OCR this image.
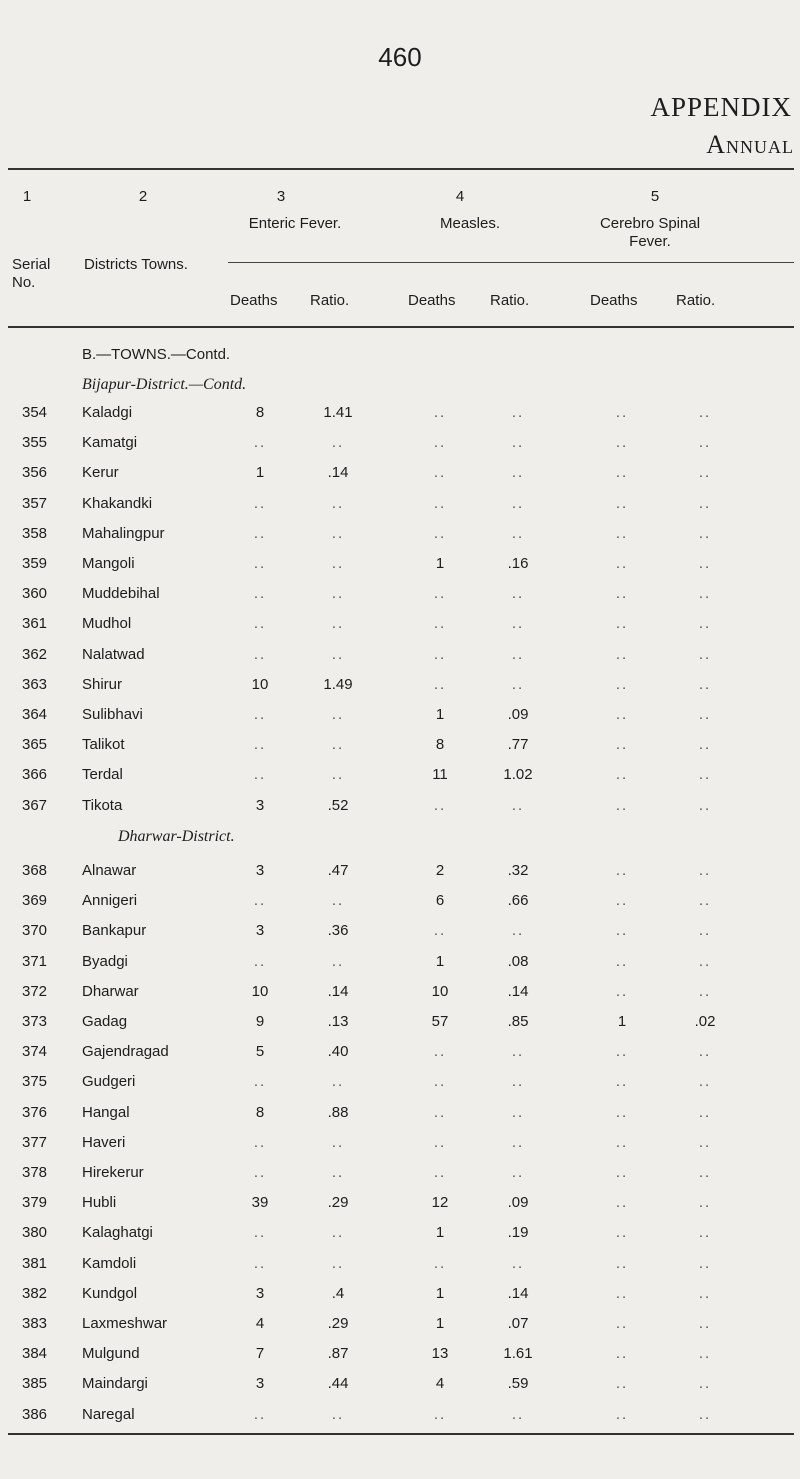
460
APPENDIX
Annual
1	2	3	4	5
Enteric Fever.	Measles.	Cerebro Spinal Fever.
Serial No.
Districts Towns.
Deaths Ratio.	Deaths Ratio.	Deaths	Ratio.
B.—TOWNS.—Contd.
Bijapur-District.—Contd.
354	Kaladgi	8	1.41	..	..	..	..
355	Kamatgi	..	..	..	..	..	..
356	Kerur	1	.14	..	..	..	..
357	Khakandki	..	..	..	..	..	..
358	Mahalingpur	..	..	..	..	..	..
359	Mangoli	..	..	1	.16	..	..
360	Muddebihal	..	..	..	..	..	..
361	Mudhol	..	..	..	..	..	..
362	Nalatwad	..	..	..	..	..	..
363	Shirur	10	1.49	..	..	..	..
364	Sulibhavi	..	..	1	.09	..	..
365	Talikot	..	..	8	.77	..	..
366	Terdal	..	..	11	1.02	..	..
367	Tikota	3	.52	..	..	..	..
368	Alnawar	3	.47	2	.32	..	..
369	Annigeri	..	..	6	.66	..	..
370	Bankapur	3	.36	..	..	..	..
371	Byadgi	..	..	1	.08	..	..
372	Dharwar	10	.14	10	.14	..	..
373	Gadag	9	.13	57	.85	1	.02
374	Gajendragad	5	.40	..	..	..	..
375	Gudgeri	..	..	..	..	..	..
376	Hangal	8	.88	..	..	..	..
377	Haveri	..	..	..	..	..	..
378	Hirekerur	..	..	..	..	..	..
379	Hubli	39	.29	12	.09	..	..
380	Kalaghatgi	..	..	1	.19	..	..
381	Kamdoli	..	..	..	..	..	..
382	Kundgol	3	.4	1	.14	..	..
383	Laxmeshwar	4	.29	1	.07	..	..
384	Mulgund	7	.87	13	1.61	..	..
385	Maindargi	3	.44	4	.59	..	..
386	Naregal	..	..	..	..	..	..
Dharwar-District.
